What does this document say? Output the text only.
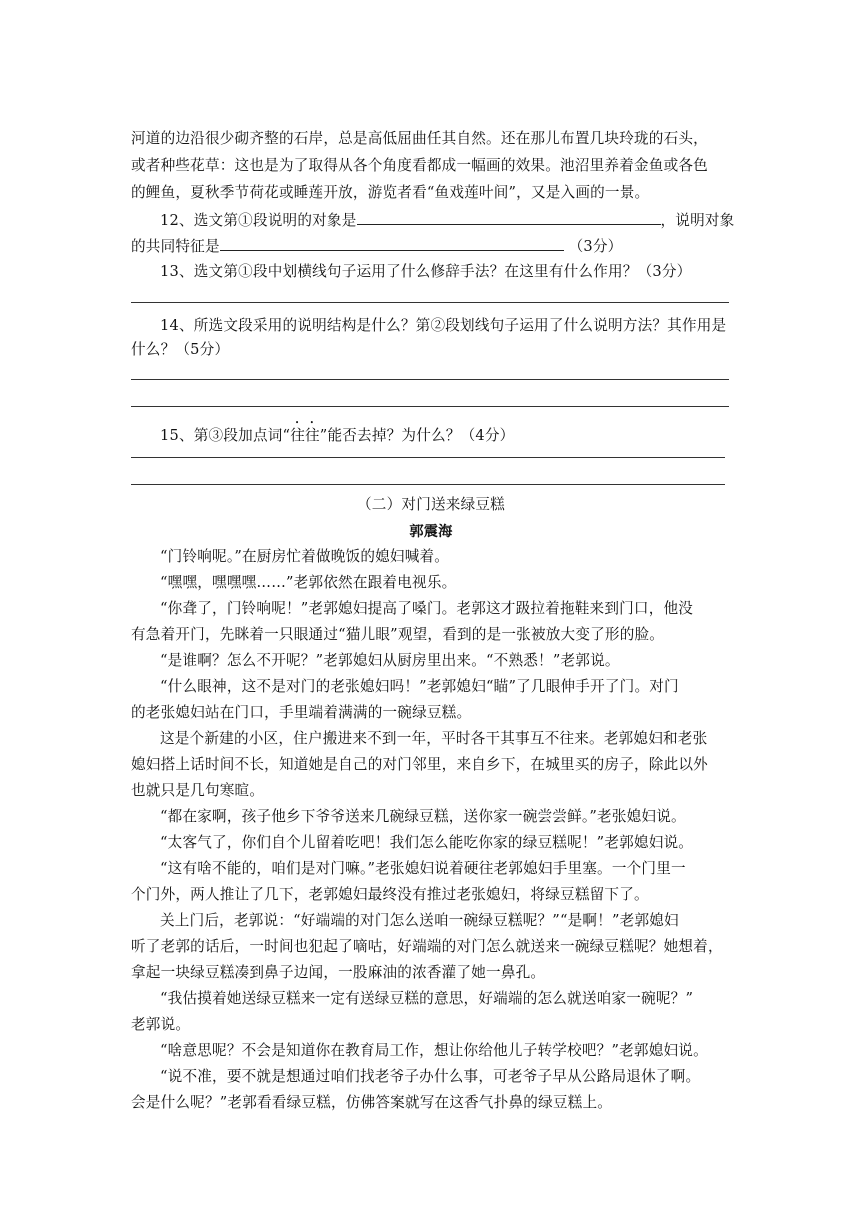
河道的边沿很少砌齐整的石岸，总是高低屈曲任其自然。还在那儿布置几块玲珑的石头，
或者种些花草：这也是为了取得从各个角度看都成一幅画的效果。池沼里养着金鱼或各色
的鲤鱼，夏秋季节荷花或睡莲开放，游览者看“鱼戏莲叶间”，又是入画的一景。
12、选文第①段说明的对象是	，说明对象
的共同特征是	（3分）
13、选文第①段中划横线句子运用了什么修辞手法？在这里有什么作用？（3分）
14、所选文段采用的说明结构是什么？第②段划线句子运用了什么说明方法？其作用是
什么？（5分）
15、第③段加点词“往往”能否去掉？为什么？（4分）
（二）对门送来绿豆糕
郭震海
“门铃响呢。”在厨房忙着做晚饭的媳妇喊着。
“嘿嘿，嘿嘿嘿……”老郭依然在跟着电视乐。
“你聋了，门铃响呢！”老郭媳妇提高了嗓门。老郭这才趿拉着拖鞋来到门口，他没
有急着开门，先眯着一只眼通过“猫儿眼”观望，看到的是一张被放大变了形的脸。
“是谁啊？怎么不开呢？”老郭媳妇从厨房里出来。“不熟悉！”老郭说。
“什么眼神，这不是对门的老张媳妇吗！”老郭媳妇“瞄”了几眼伸手开了门。对门
的老张媳妇站在门口，手里端着满满的一碗绿豆糕。
这是个新建的小区，住户搬进来不到一年，平时各干其事互不往来。老郭媳妇和老张
媳妇搭上话时间不长，知道她是自己的对门邻里，来自乡下，在城里买的房子，除此以外
也就只是几句寒暄。
“都在家啊，孩子他乡下爷爷送来几碗绿豆糕，送你家一碗尝尝鲜。”老张媳妇说。
“太客气了，你们自个儿留着吃吧！我们怎么能吃你家的绿豆糕呢！”老郭媳妇说。
“这有啥不能的，咱们是对门嘛。”老张媳妇说着硬往老郭媳妇手里塞。一个门里一
个门外，两人推让了几下，老郭媳妇最终没有推过老张媳妇，将绿豆糕留下了。
关上门后，老郭说：“好端端的对门怎么送咱一碗绿豆糕呢？”“是啊！”老郭媳妇
听了老郭的话后，一时间也犯起了嘀咕，好端端的对门怎么就送来一碗绿豆糕呢？她想着，
拿起一块绿豆糕凑到鼻子边闻，一股麻油的浓香灌了她一鼻孔。
“我估摸着她送绿豆糕来一定有送绿豆糕的意思，好端端的怎么就送咱家一碗呢？”
老郭说。
“啥意思呢？不会是知道你在教育局工作，想让你给他儿子转学校吧？”老郭媳妇说。
“说不准，要不就是想通过咱们找老爷子办什么事，可老爷子早从公路局退休了啊。
会是什么呢？”老郭看看绿豆糕，仿佛答案就写在这香气扑鼻的绿豆糕上。
